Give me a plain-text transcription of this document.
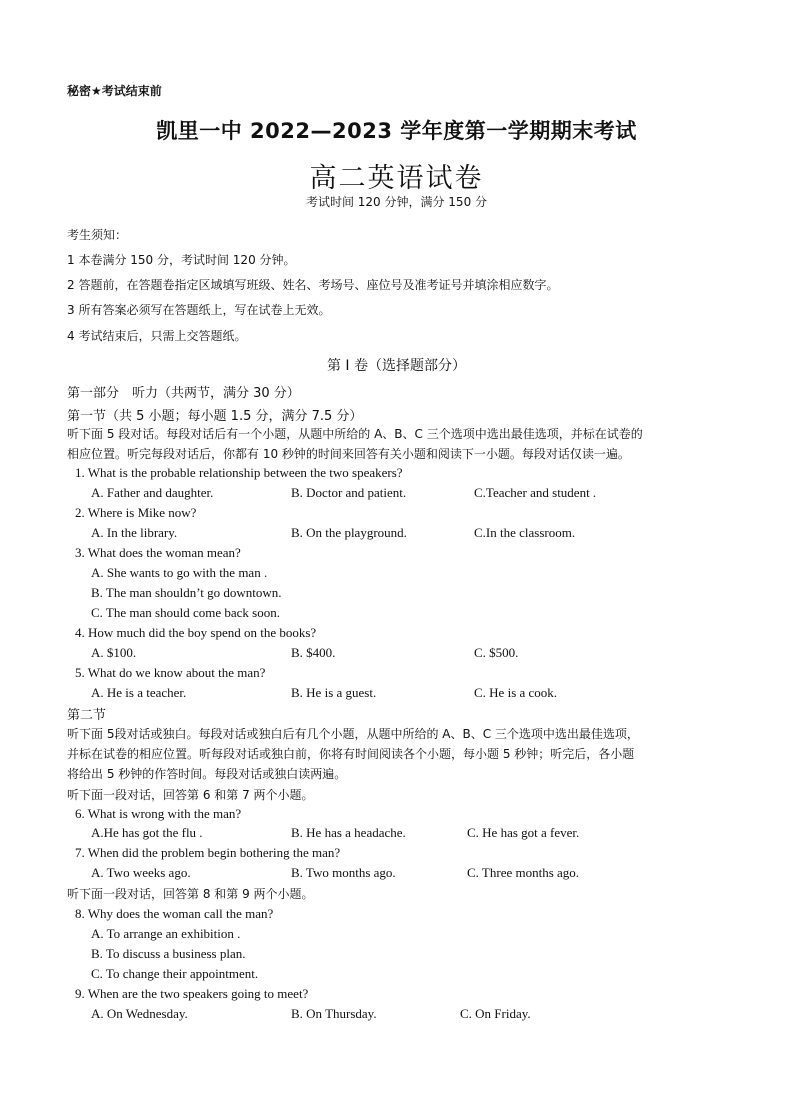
秘密★考试结束前
凯里一中 2022—2023 学年度第一学期期末考试
高二英语试卷
考试时间 120 分钟，满分 150 分
考生须知：
1 本卷满分 150 分，考试时间 120 分钟。
2 答题前，在答题卷指定区域填写班级、姓名、考场号、座位号及准考证号并填涂相应数字。
3 所有答案必须写在答题纸上，写在试卷上无效。
4 考试结束后，只需上交答题纸。
第 I 卷（选择题部分）
第一部分　听力（共两节，满分 30 分）
第一节（共 5 小题；每小题 1.5 分，满分 7.5 分）
听下面 5 段对话。每段对话后有一个小题，从题中所给的 A、B、C 三个选项中选出最佳选项，并标在试卷的
相应位置。听完每段对话后，你都有 10 秒钟的时间来回答有关小题和阅读下一小题。每段对话仅读一遍。
1. What is the probable relationship between the two speakers?
A. Father and daughter.	B. Doctor and patient.	C.Teacher and student .
2. Where is Mike now?
A. In the library.	B. On the playground.	C.In the classroom.
3. What does the woman mean?
A. She wants to go with the man .
B. The man shouldn’t go downtown.
C. The man should come back soon.
4. How much did the boy spend on the books?
A. $100.	B. $400.	C. $500.
5. What do we know about the man?
A. He is a teacher.	B. He is a guest.	C. He is a cook.
第二节
听下面 5段对话或独白。每段对话或独白后有几个小题，从题中所给的 A、B、C 三个选项中选出最佳选项，
并标在试卷的相应位置。听每段对话或独白前，你将有时间阅读各个小题，每小题 5 秒钟；听完后，各小题
将给出 5 秒钟的作答时间。每段对话或独白读两遍。
听下面一段对话，回答第 6 和第 7 两个小题。
6. What is wrong with the man?
A.He has got the flu .	B. He has a headache.	C. He has got a fever.
7. When did the problem begin bothering the man?
A. Two weeks ago.	B. Two months ago.	C. Three months ago.
听下面一段对话，回答第 8 和第 9 两个小题。
8. Why does the woman call the man?
A. To arrange an exhibition .
B. To discuss a business plan.
C. To change their appointment.
9. When are the two speakers going to meet?
A. On Wednesday.	B. On Thursday.	C. On Friday.
